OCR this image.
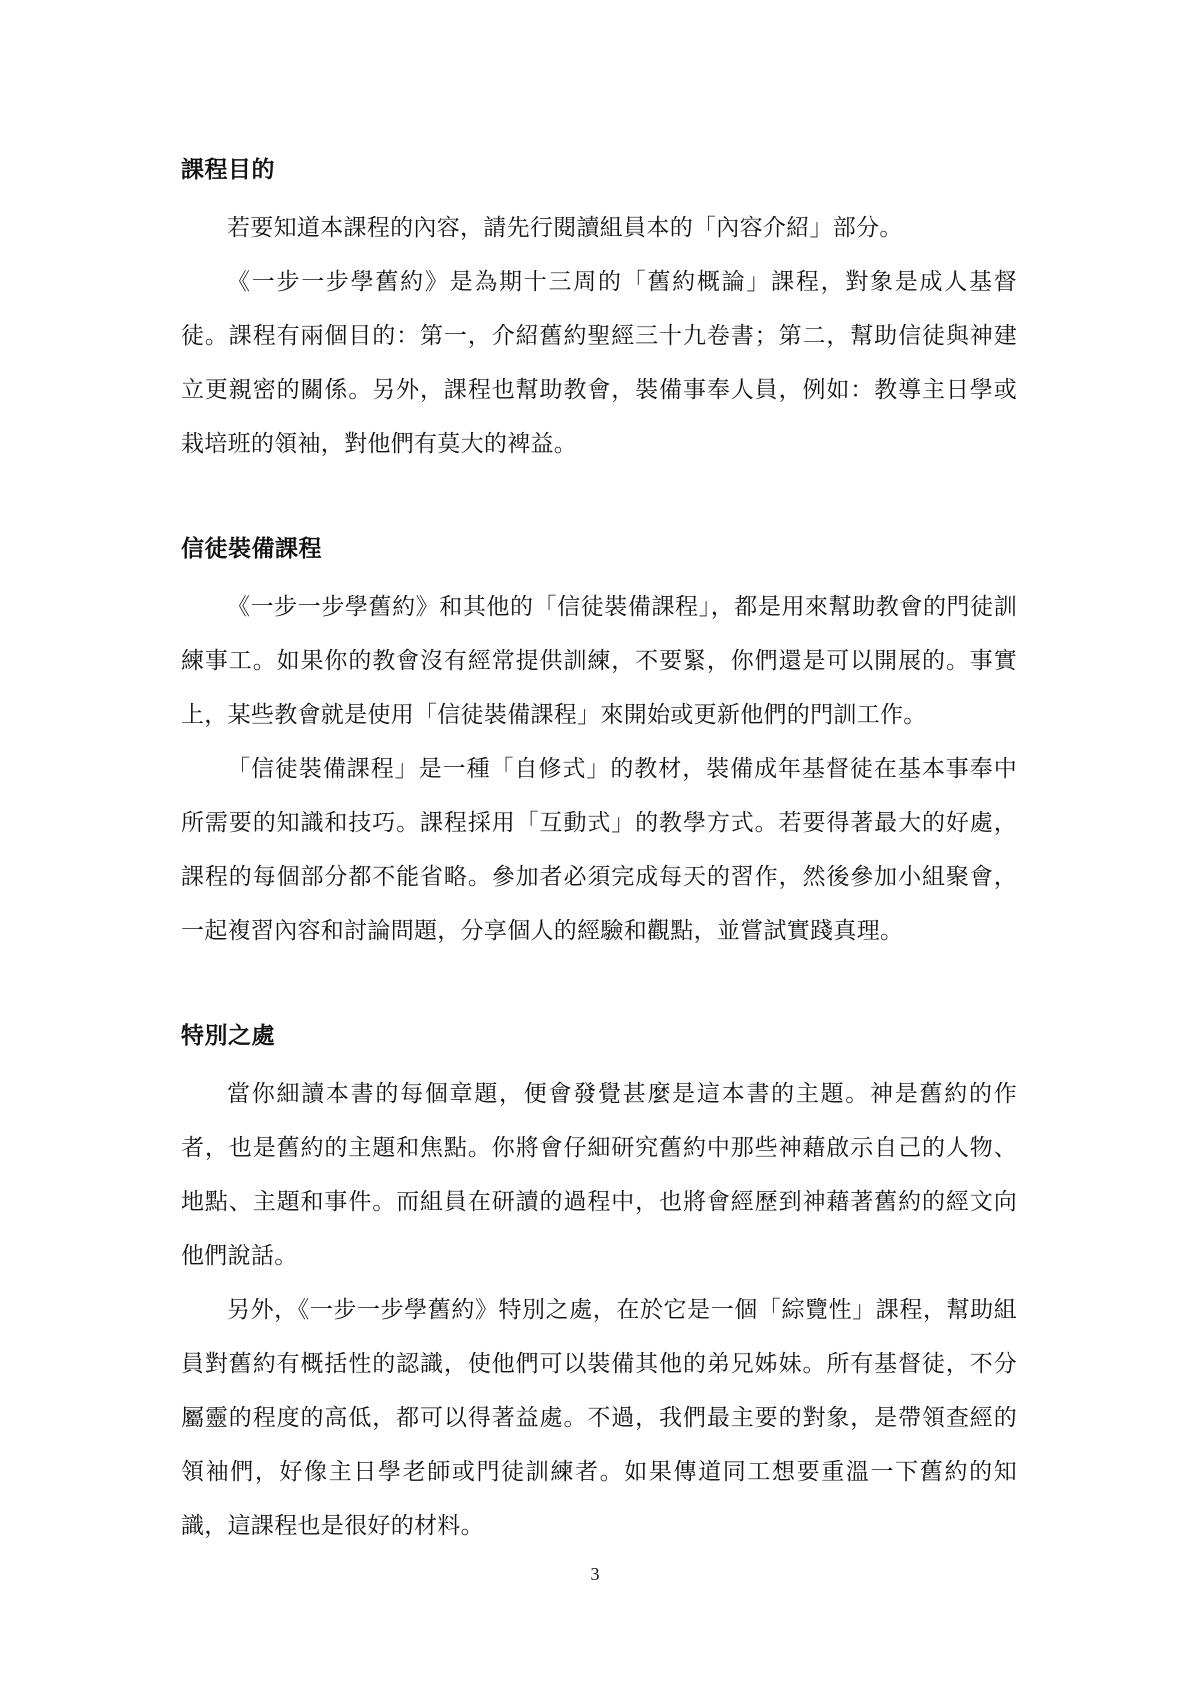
課程目的

若要知道本課程的內容，請先行閱讀組員本的「內容介紹」部分。

《一步一步學舊約》是為期十三周的「舊約概論」課程，對象是成人基督徒。課程有兩個目的：第一，介紹舊約聖經三十九卷書；第二，幫助信徒與神建立更親密的關係。另外，課程也幫助教會，裝備事奉人員，例如：教導主日學或栽培班的領袖，對他們有莫大的裨益。

信徒裝備課程

《一步一步學舊約》和其他的「信徒裝備課程」，都是用來幫助教會的門徒訓練事工。如果你的教會沒有經常提供訓練，不要緊，你們還是可以開展的。事實上，某些教會就是使用「信徒裝備課程」來開始或更新他們的門訓工作。

「信徒裝備課程」是一種「自修式」的教材，裝備成年基督徒在基本事奉中所需要的知識和技巧。課程採用「互動式」的教學方式。若要得著最大的好處，課程的每個部分都不能省略。參加者必須完成每天的習作，然後參加小組聚會，一起複習內容和討論問題，分享個人的經驗和觀點，並嘗試實踐真理。

特別之處

當你細讀本書的每個章題，便會發覺甚麼是這本書的主題。神是舊約的作者，也是舊約的主題和焦點。你將會仔細研究舊約中那些神藉啟示自己的人物、地點、主題和事件。而組員在研讀的過程中，也將會經歷到神藉著舊約的經文向他們說話。

另外，《一步一步學舊約》特別之處，在於它是一個「綜覽性」課程，幫助組員對舊約有概括性的認識，使他們可以裝備其他的弟兄姊妹。所有基督徒，不分屬靈的程度的高低，都可以得著益處。不過，我們最主要的對象，是帶領查經的領袖們，好像主日學老師或門徒訓練者。如果傳道同工想要重溫一下舊約的知識，這課程也是很好的材料。

3
